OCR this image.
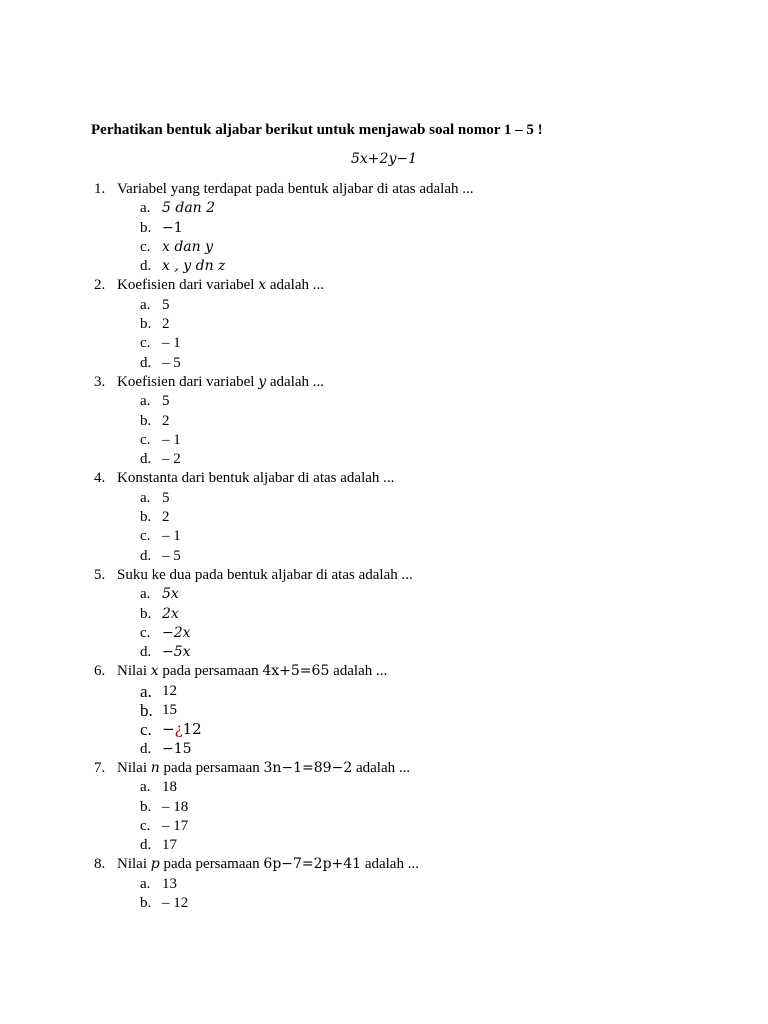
Perhatikan bentuk aljabar berikut untuk menjawab soal nomor 1 – 5 !
5x+2y−1
1. Variabel yang terdapat pada bentuk aljabar di atas adalah ...
a. 5 dan 2
b. −1
c. x dan y
d. x , y dn z
2. Koefisien dari variabel
x
adalah ...
a. 5
b. 2
c. – 1
d. – 5
3. Koefisien dari variabel
y
adalah ...
a. 5
b. 2
c. – 1
d. – 2
4. Konstanta dari bentuk aljabar di atas adalah ...
a. 5
b. 2
c. – 1
d. – 5
5. Suku ke dua pada bentuk aljabar di atas adalah ...
a. 5x
b. 2x
c. −2x
d. −5x
6. Nilai
x
pada persamaan
4x+5=65
adalah ...
a. 12
b. 15
c. −¿12
d. −15
7. Nilai
n
pada persamaan
3n−1=89−2
adalah ...
a. 18
b. – 18
c. – 17
d. 17
8. Nilai
p
pada persamaan
6p−7=2p+41
adalah ...
a. 13
b. – 12
